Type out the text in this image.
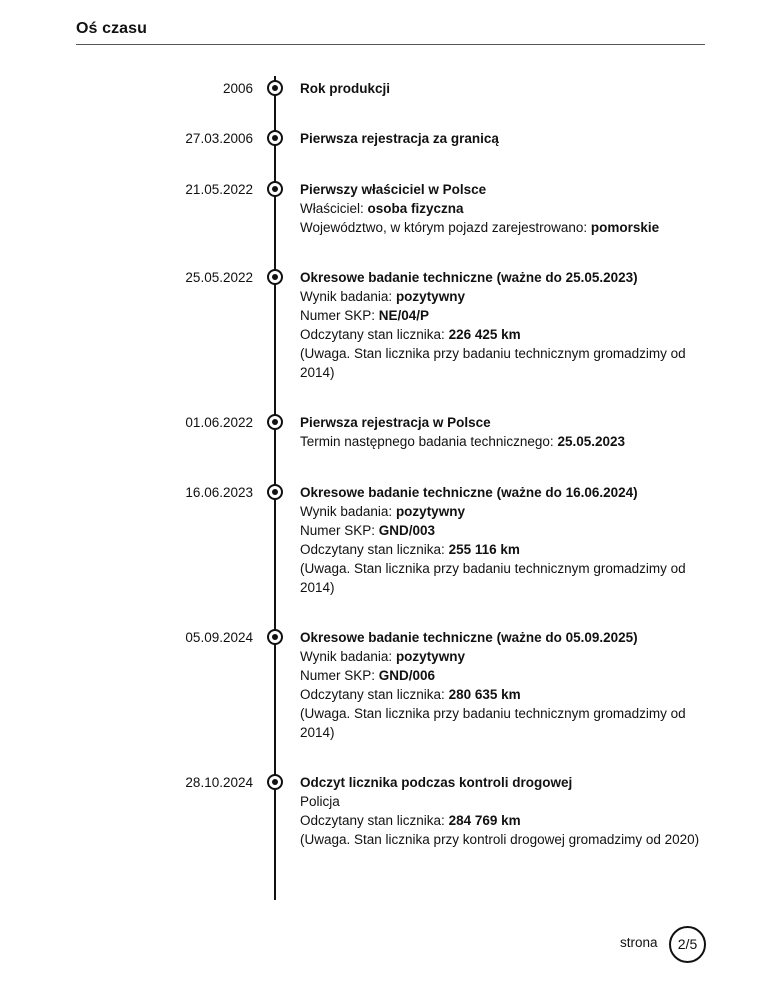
Oś czasu
2006	Rok produkcji
27.03.2006	Pierwsza rejestracja za granicą
21.05.2022	Pierwszy właściciel w Polsce
Właściciel: osoba fizyczna
Województwo, w którym pojazd zarejestrowano: pomorskie
25.05.2022	Okresowe badanie techniczne (ważne do 25.05.2023)
Wynik badania: pozytywny
Numer SKP: NE/04/P
Odczytany stan licznika: 226 425 km
(Uwaga. Stan licznika przy badaniu technicznym gromadzimy od 2014)
01.06.2022	Pierwsza rejestracja w Polsce
Termin następnego badania technicznego: 25.05.2023
16.06.2023	Okresowe badanie techniczne (ważne do 16.06.2024)
Wynik badania: pozytywny
Numer SKP: GND/003
Odczytany stan licznika: 255 116 km
(Uwaga. Stan licznika przy badaniu technicznym gromadzimy od 2014)
05.09.2024	Okresowe badanie techniczne (ważne do 05.09.2025)
Wynik badania: pozytywny
Numer SKP: GND/006
Odczytany stan licznika: 280 635 km
(Uwaga. Stan licznika przy badaniu technicznym gromadzimy od 2014)
28.10.2024	Odczyt licznika podczas kontroli drogowej
Policja
Odczytany stan licznika: 284 769 km
(Uwaga. Stan licznika przy kontroli drogowej gromadzimy od 2020)
strona	2/5
